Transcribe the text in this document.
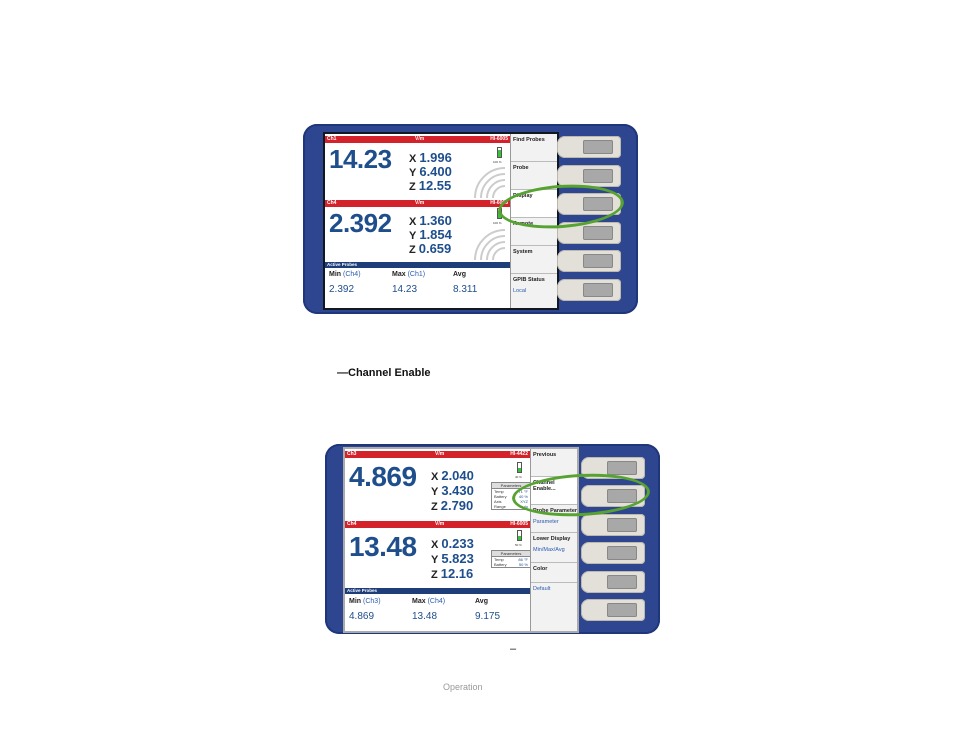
Ch1	V/m	HI-6005
14.23 X 1.996
Y 6.400
Z 12.55
100 %
Ch4	V/m	HI-6005
2.392 X 1.360
Y 1.854
Z 0.659
100 %
Active Probes
Min (Ch4)	Max (Ch1)	Avg
2.392	14.23	8.311
Find Probes
Probe
Display
Remote
System
GPIB Status
Local
—Channel Enable
Ch3	V/m	HI-4422
4.869 X 2.040
Y 3.430
Z 2.790
40 %
Parameters
Temp	71 °F
Battery	40 %
Axis	XYZ
Range	Auto
Ch4	V/m	HI-6005
13.48 X 0.233
Y 5.823
Z 12.16
50 %
Parameters
Temp	86 °F
Battery	50 %
Active Probes
Min (Ch3)	Max (Ch4)	Avg
4.869	13.48	9.175
Previous
Channel Enable...
Probe Parameter
Parameter
Lower Display
Min/Max/Avg
Color
Default
–
Operation
